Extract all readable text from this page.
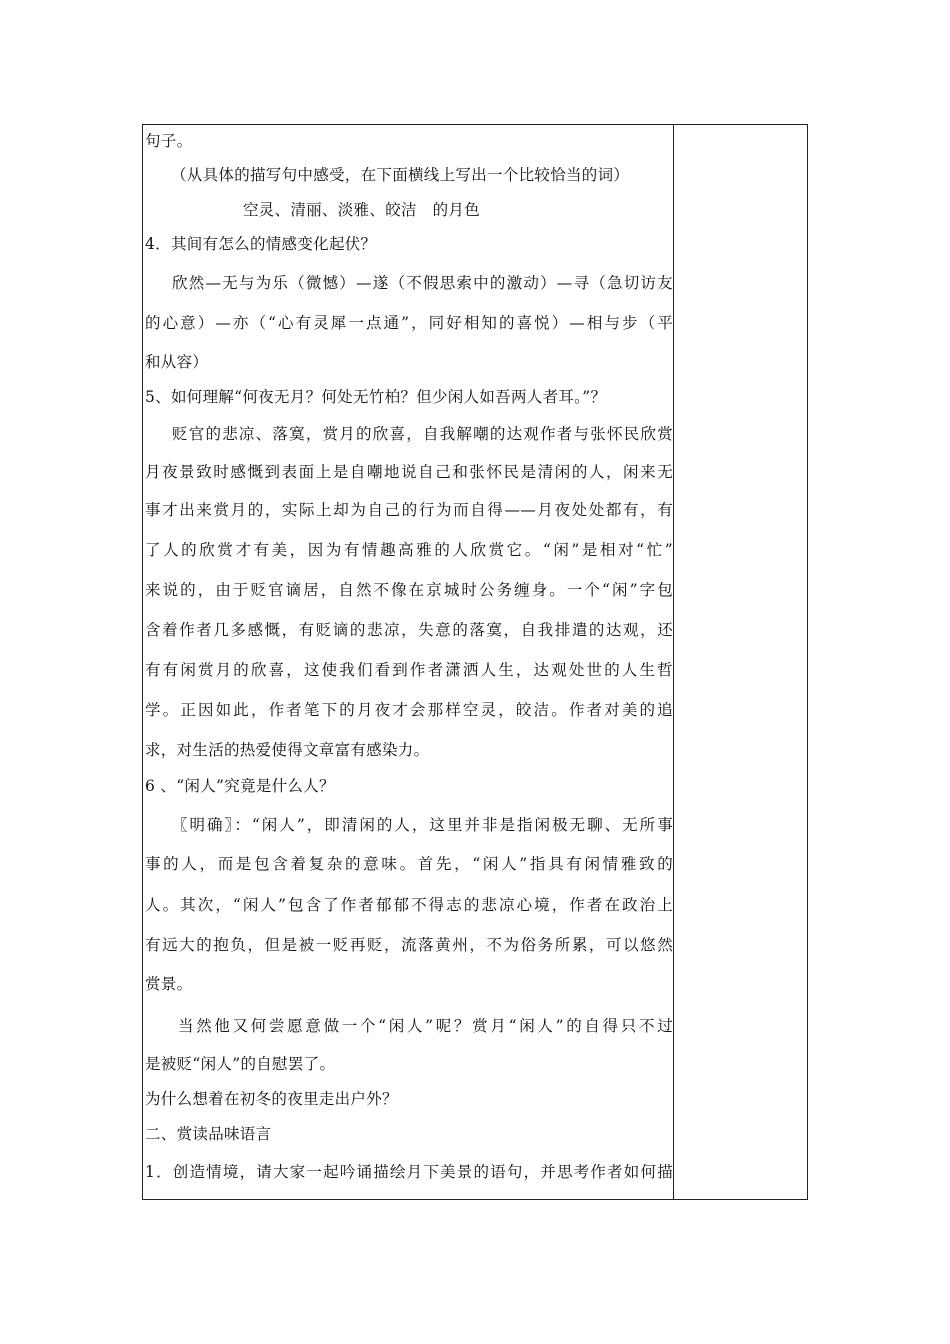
句子。
（从具体的描写句中感受，在下面横线上写出一个比较恰当的词）
空灵、清丽、淡雅、皎洁　的月色
4．其间有怎么的情感变化起伏？
欣然—无与为乐（微憾）—遂（不假思索中的激动）—寻（急切访友
的心意）—亦（“心有灵犀一点通”，同好相知的喜悦）—相与步（平
和从容）
5、如何理解“何夜无月？何处无竹柏？但少闲人如吾两人者耳。”？
贬官的悲凉、落寞，赏月的欣喜，自我解嘲的达观作者与张怀民欣赏
月夜景致时感慨到表面上是自嘲地说自己和张怀民是清闲的人，闲来无
事才出来赏月的，实际上却为自己的行为而自得——月夜处处都有，有
了人的欣赏才有美，因为有情趣高雅的人欣赏它。“闲”是相对“忙”
来说的，由于贬官谪居，自然不像在京城时公务缠身。一个“闲”字包
含着作者几多感慨，有贬谪的悲凉，失意的落寞，自我排遣的达观，还
有有闲赏月的欣喜，这使我们看到作者潇洒人生，达观处世的人生哲
学。正因如此，作者笔下的月夜才会那样空灵，皎洁。作者对美的追
求，对生活的热爱使得文章富有感染力。
6 、“闲人”究竟是什么人？
〖明确〗：“闲人”，即清闲的人，这里并非是指闲极无聊、无所事
事的人，而是包含着复杂的意味。首先，“闲人”指具有闲情雅致的
人。其次，“闲人”包含了作者郁郁不得志的悲凉心境，作者在政治上
有远大的抱负，但是被一贬再贬，流落黄州，不为俗务所累，可以悠然
赏景。
当然他又何尝愿意做一个“闲人”呢？赏月“闲人”的自得只不过
是被贬“闲人”的自慰罢了。
为什么想着在初冬的夜里走出户外？
二、赏读品味语言
1．创造情境，请大家一起吟诵描绘月下美景的语句，并思考作者如何描
